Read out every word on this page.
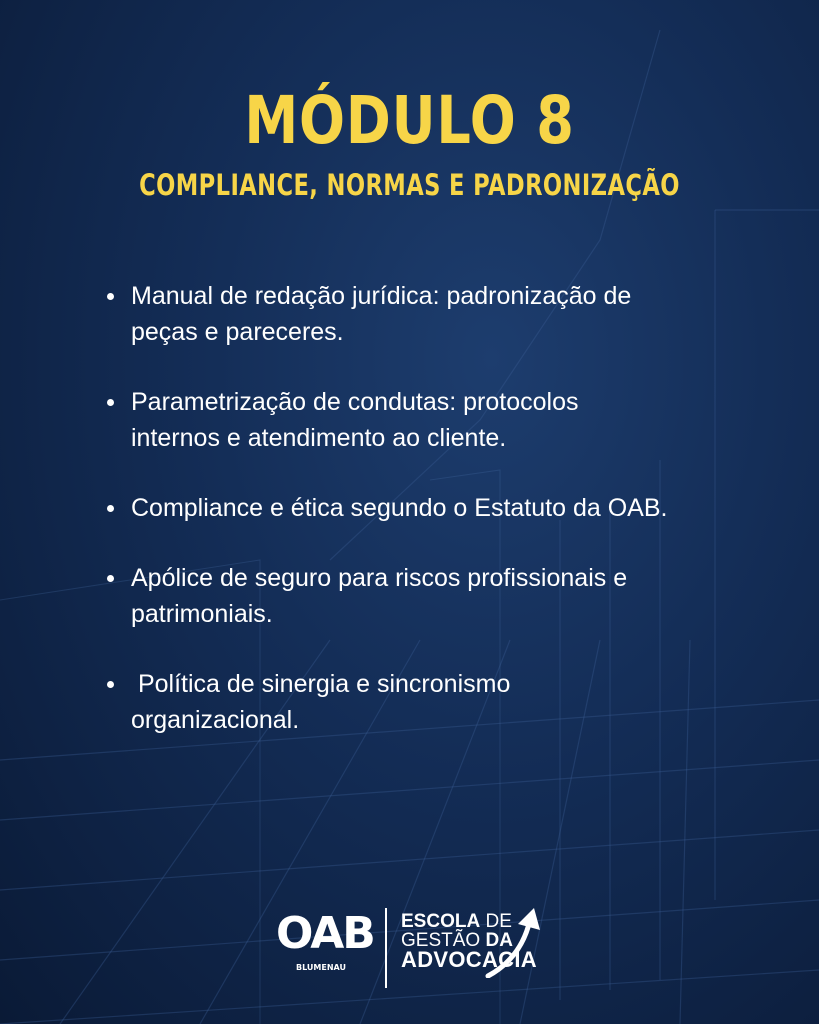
MÓDULO 8
COMPLIANCE, NORMAS E PADRONIZAÇÃO
Manual de redação jurídica: padronização de
peças e pareceres.
Parametrização de condutas: protocolos
internos e atendimento ao cliente.
Compliance e ética segundo o Estatuto da OAB.
Apólice de seguro para riscos profissionais e
patrimoniais.
Política de sinergia e sincronismo
organizacional.
OAB
BLUMENAU
ESCOLA DE
GESTÃO DA
ADVOCACIA
